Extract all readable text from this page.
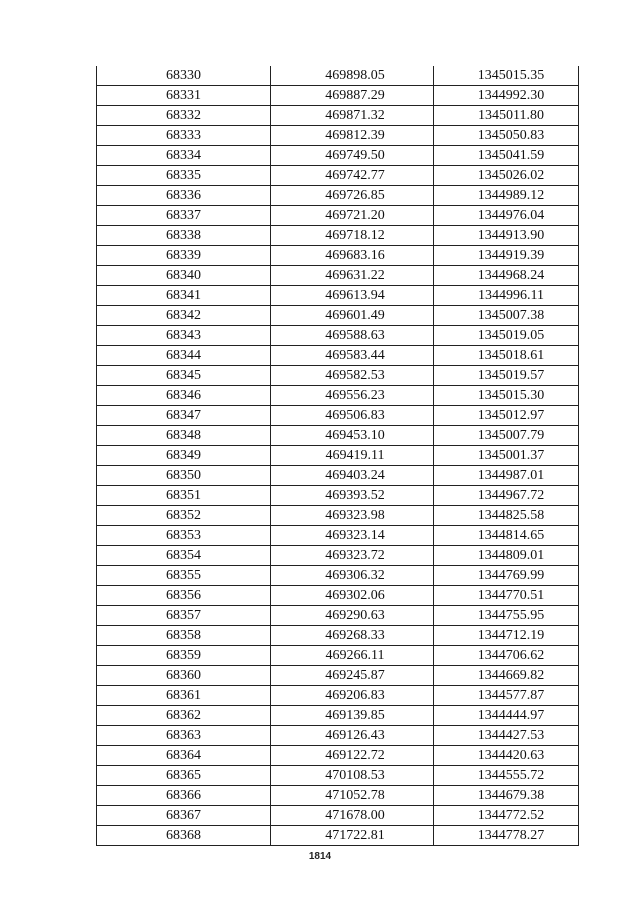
68330	469898.05	1345015.35
68331	469887.29	1344992.30
68332	469871.32	1345011.80
68333	469812.39	1345050.83
68334	469749.50	1345041.59
68335	469742.77	1345026.02
68336	469726.85	1344989.12
68337	469721.20	1344976.04
68338	469718.12	1344913.90
68339	469683.16	1344919.39
68340	469631.22	1344968.24
68341	469613.94	1344996.11
68342	469601.49	1345007.38
68343	469588.63	1345019.05
68344	469583.44	1345018.61
68345	469582.53	1345019.57
68346	469556.23	1345015.30
68347	469506.83	1345012.97
68348	469453.10	1345007.79
68349	469419.11	1345001.37
68350	469403.24	1344987.01
68351	469393.52	1344967.72
68352	469323.98	1344825.58
68353	469323.14	1344814.65
68354	469323.72	1344809.01
68355	469306.32	1344769.99
68356	469302.06	1344770.51
68357	469290.63	1344755.95
68358	469268.33	1344712.19
68359	469266.11	1344706.62
68360	469245.87	1344669.82
68361	469206.83	1344577.87
68362	469139.85	1344444.97
68363	469126.43	1344427.53
68364	469122.72	1344420.63
68365	470108.53	1344555.72
68366	471052.78	1344679.38
68367	471678.00	1344772.52
68368	471722.81	1344778.27
1814
